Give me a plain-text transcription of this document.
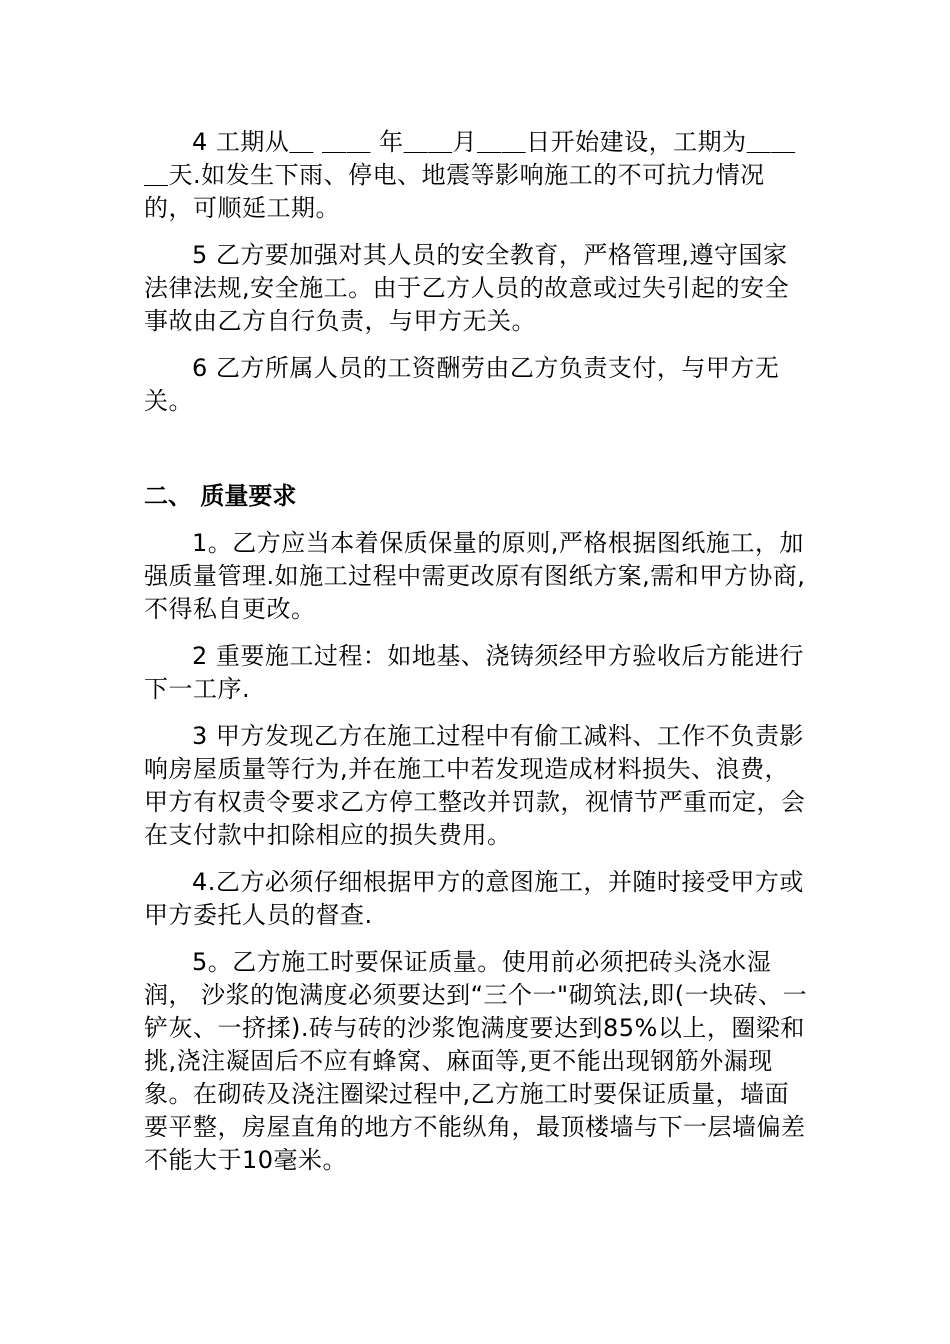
4 工期从＿ ＿＿ 年＿＿月＿＿日开始建设，工期为＿＿＿天.如发生下雨、停电、地震等影响施工的不可抗力情况的，可顺延工期。

5 乙方要加强对其人员的安全教育，严格管理,遵守国家法律法规,安全施工。由于乙方人员的故意或过失引起的安全事故由乙方自行负责，与甲方无关。

6 乙方所属人员的工资酬劳由乙方负责支付，与甲方无关。

二、 质量要求

1。乙方应当本着保质保量的原则,严格根据图纸施工，加强质量管理.如施工过程中需更改原有图纸方案,需和甲方协商,不得私自更改。

2 重要施工过程：如地基、浇铸须经甲方验收后方能进行下一工序.

3 甲方发现乙方在施工过程中有偷工减料、工作不负责影响房屋质量等行为,并在施工中若发现造成材料损失、浪费，甲方有权责令要求乙方停工整改并罚款，视情节严重而定，会在支付款中扣除相应的损失费用。

4.乙方必须仔细根据甲方的意图施工，并随时接受甲方或甲方委托人员的督查.

5。乙方施工时要保证质量。使用前必须把砖头浇水湿润， 沙浆的饱满度必须要达到“三个一"砌筑法,即(一块砖、一铲灰、一挤揉).砖与砖的沙浆饱满度要达到85%以上，圈梁和挑,浇注凝固后不应有蜂窝、麻面等,更不能出现钢筋外漏现象。在砌砖及浇注圈梁过程中,乙方施工时要保证质量，墙面要平整，房屋直角的地方不能纵角，最顶楼墙与下一层墙偏差不能大于10毫米。
